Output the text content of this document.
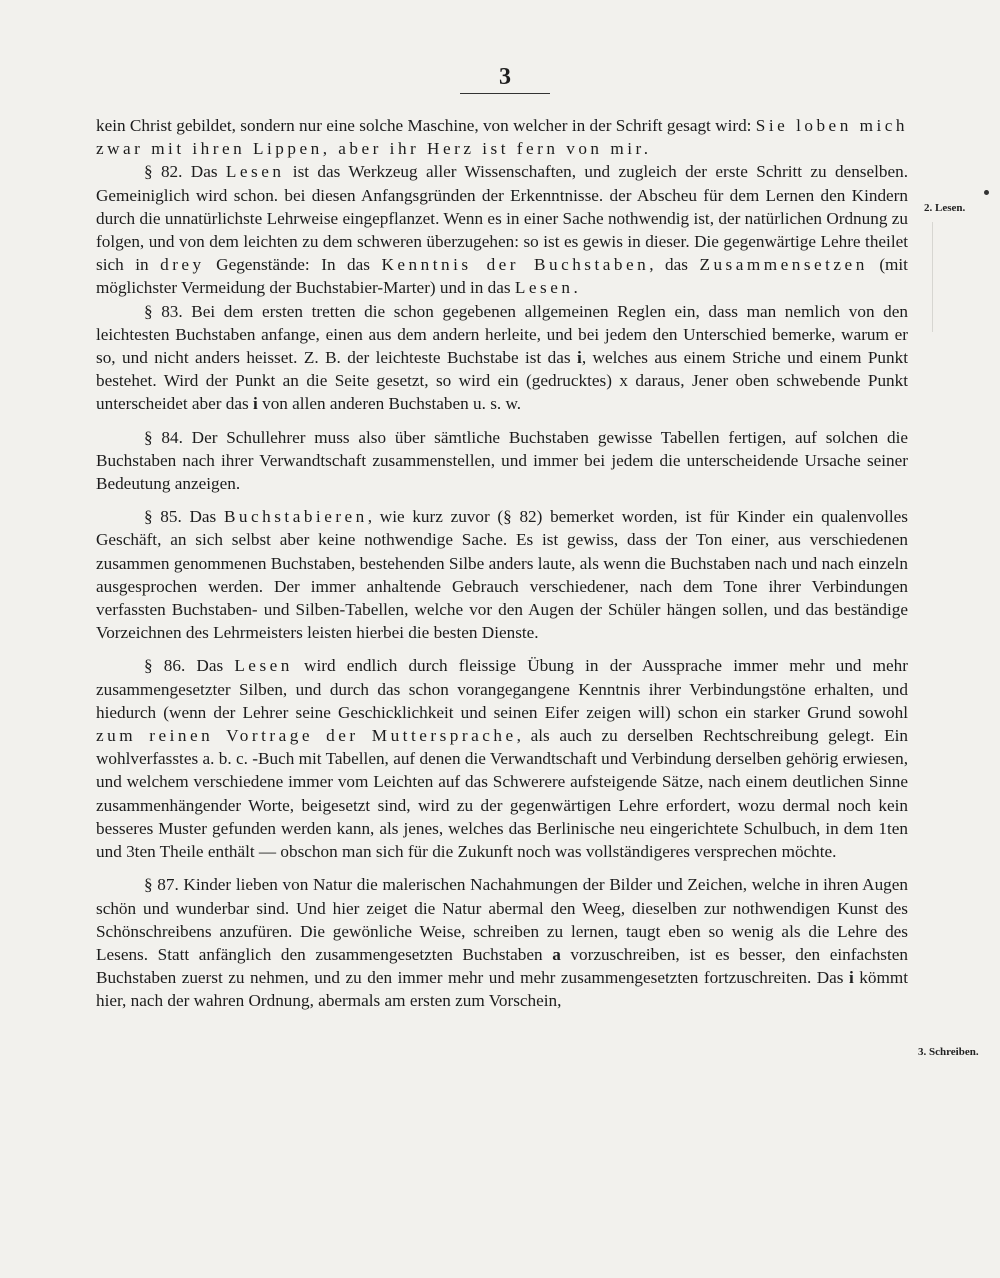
3
2. Lesen.
3. Schreiben.

kein Christ gebildet, sondern nur eine solche Maschine, von welcher in der Schrift gesagt wird: Sie loben mich zwar mit ihren Lippen, aber ihr Herz ist fern von mir.

§ 82. Das Lesen ist das Werkzeug aller Wissenschaften, und zugleich der erste Schritt zu denselben. Gemeiniglich wird schon. bei diesen Anfangsgründen der Erkenntnisse. der Abscheu für dem Lernen den Kindern durch die unnatürlichste Lehrweise eingepflanzet. Wenn es in einer Sache nothwendig ist, der natürlichen Ordnung zu folgen, und von dem leichten zu dem schweren überzugehen: so ist es gewis in dieser. Die gegenwärtige Lehre theilet sich in drey Gegenstände: In das Kenntnis der Buchstaben, das Zusammensetzen (mit möglichster Vermeidung der Buchstabier-Marter) und in das Lesen.

§ 83. Bei dem ersten tretten die schon gegebenen allgemeinen Reglen ein, dass man nemlich von den leichtesten Buchstaben anfange, einen aus dem andern herleite, und bei jedem den Unterschied bemerke, warum er so, und nicht anders heisset. Z. B. der leichteste Buchstabe ist das i, welches aus einem Striche und einem Punkt bestehet. Wird der Punkt an die Seite gesetzt, so wird ein (gedrucktes) x daraus, Jener oben schwebende Punkt unterscheidet aber das i von allen anderen Buchstaben u. s. w.

§ 84. Der Schullehrer muss also über sämtliche Buchstaben gewisse Tabellen fertigen, auf solchen die Buchstaben nach ihrer Verwandtschaft zusammenstellen, und immer bei jedem die unterscheidende Ursache seiner Bedeutung anzeigen.

§ 85. Das Buchstabieren, wie kurz zuvor (§ 82) bemerket worden, ist für Kinder ein qualenvolles Geschäft, an sich selbst aber keine nothwendige Sache. Es ist gewiss, dass der Ton einer, aus verschiedenen zusammen genommenen Buchstaben, bestehenden Silbe anders laute, als wenn die Buchstaben nach und nach einzeln ausgesprochen werden. Der immer anhaltende Gebrauch verschiedener, nach dem Tone ihrer Verbindungen verfassten Buchstaben- und Silben-Tabellen, welche vor den Augen der Schüler hängen sollen, und das beständige Vorzeichnen des Lehrmeisters leisten hierbei die besten Dienste.

§ 86. Das Lesen wird endlich durch fleissige Übung in der Aussprache immer mehr und mehr zusammengesetzter Silben, und durch das schon vorangegangene Kenntnis ihrer Verbindungstöne erhalten, und hiedurch (wenn der Lehrer seine Geschicklichkeit und seinen Eifer zeigen will) schon ein starker Grund sowohl zum reinen Vortrage der Muttersprache, als auch zu derselben Rechtschreibung gelegt. Ein wohlverfasstes a. b. c. -Buch mit Tabellen, auf denen die Verwandtschaft und Verbindung derselben gehörig erwiesen, und welchem verschiedene immer vom Leichten auf das Schwerere aufsteigende Sätze, nach einem deutlichen Sinne zusammenhängender Worte, beigesetzt sind, wird zu der gegenwärtigen Lehre erfordert, wozu dermal noch kein besseres Muster gefunden werden kann, als jenes, welches das Berlinische neu eingerichtete Schulbuch, in dem 1ten und 3ten Theile enthält — obschon man sich für die Zukunft noch was vollständigeres versprechen möchte.

§ 87. Kinder lieben von Natur die malerischen Nachahmungen der Bilder und Zeichen, welche in ihren Augen schön und wunderbar sind. Und hier zeiget die Natur abermal den Weeg, dieselben zur nothwendigen Kunst des Schönschreibens anzufüren. Die gewönliche Weise, schreiben zu lernen, taugt eben so wenig als die Lehre des Lesens. Statt anfänglich den zusammengesetzten Buchstaben a vorzuschreiben, ist es besser, den einfachsten Buchstaben zuerst zu nehmen, und zu den immer mehr und mehr zusammengesetzten fortzuschreiten. Das i kömmt hier, nach der wahren Ordnung, abermals am ersten zum Vorschein,
